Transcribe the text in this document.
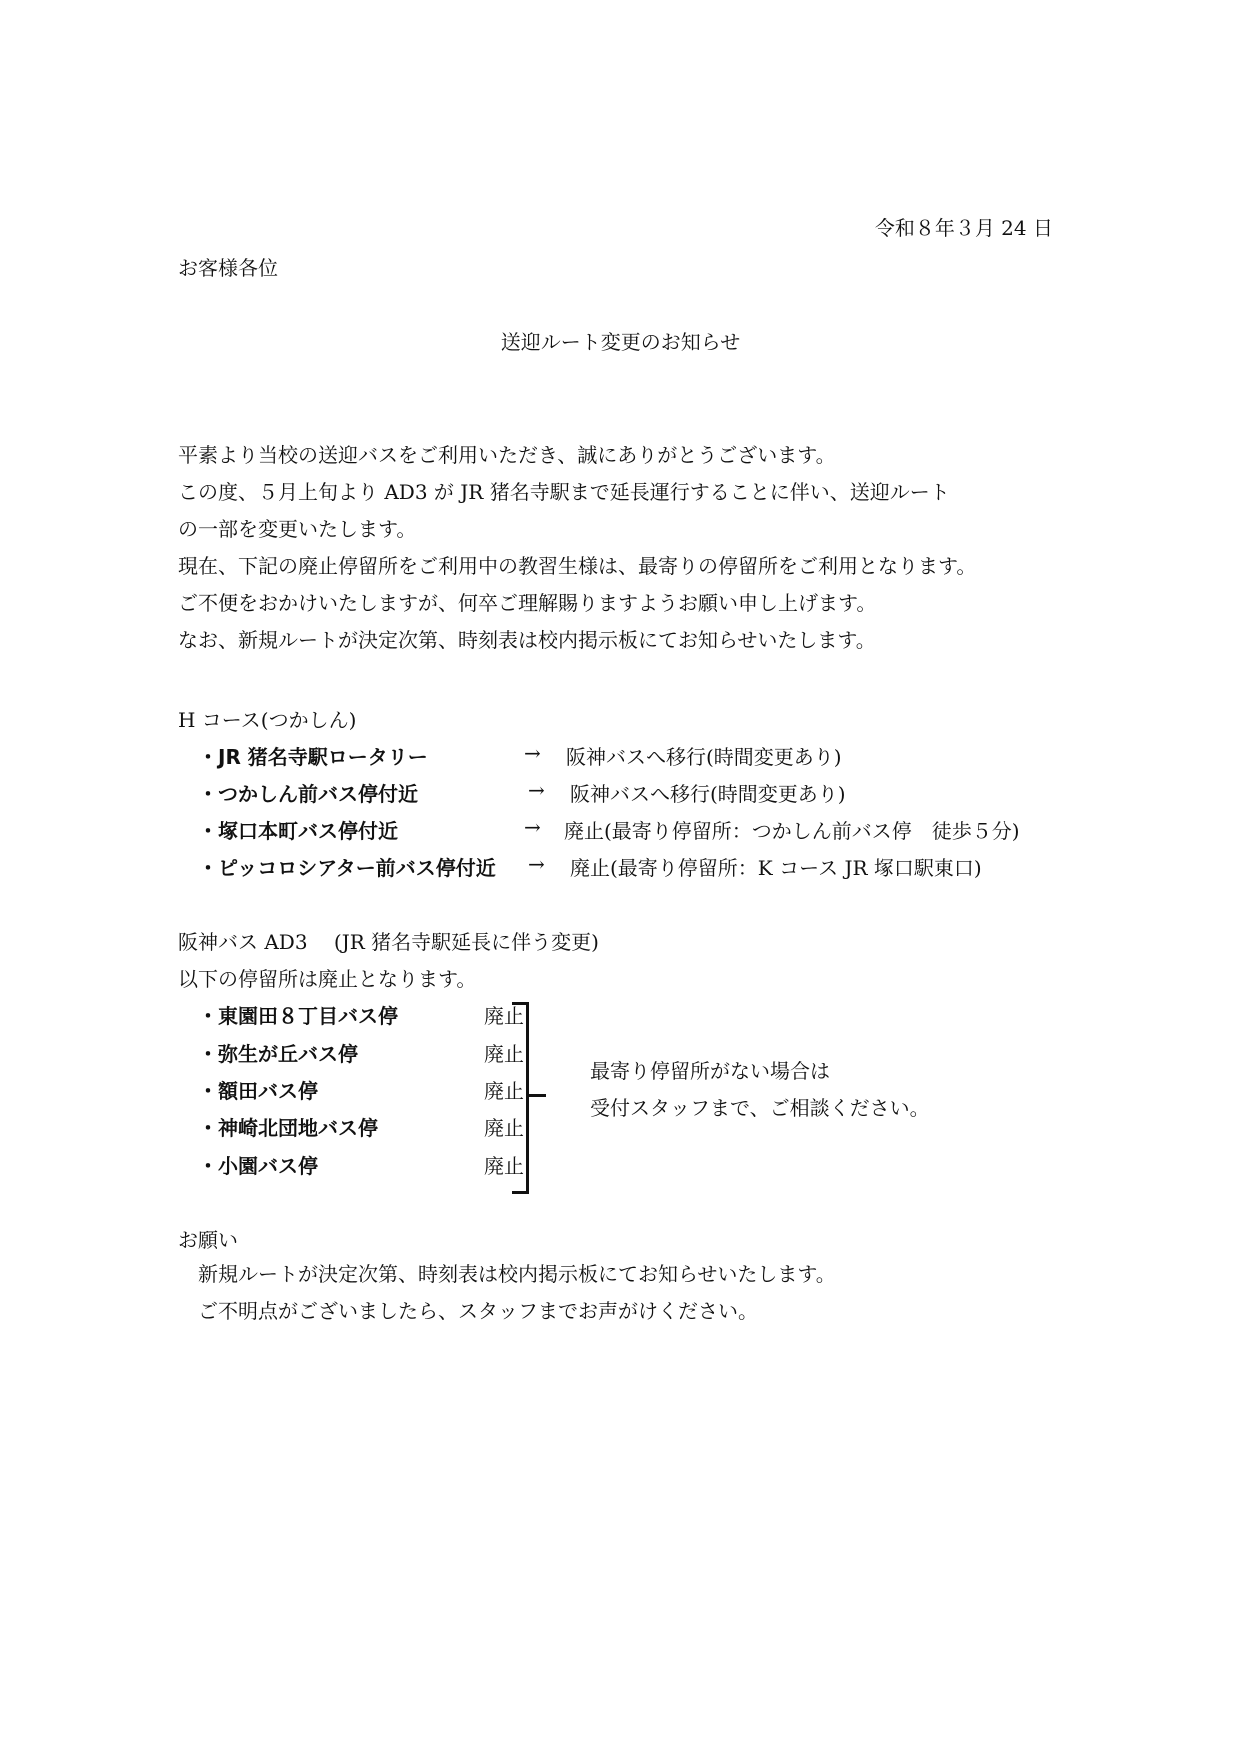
令和８年３月 24 日
お客様各位
送迎ルート変更のお知らせ
平素より当校の送迎バスをご利用いただき、誠にありがとうございます。
この度、５月上旬より AD3 が JR 猪名寺駅まで延長運行することに伴い、送迎ルート
の一部を変更いたします。
現在、下記の廃止停留所をご利用中の教習生様は、最寄りの停留所をご利用となります。
ご不便をおかけいたしますが、何卒ご理解賜りますようお願い申し上げます。
なお、新規ルートが決定次第、時刻表は校内掲示板にてお知らせいたします。
H コース(つかしん)
・JR 猪名寺駅ロータリー	→ 阪神バスへ移行(時間変更あり)
・つかしん前バス停付近	→ 阪神バスへ移行(時間変更あり)
・塚口本町バス停付近	→ 廃止(最寄り停留所：つかしん前バス停　徒歩５分)
・ピッコロシアター前バス停付近 → 廃止(最寄り停留所：K コース JR 塚口駅東口)
阪神バス AD3　 (JR 猪名寺駅延長に伴う変更)
以下の停留所は廃止となります。
・東園田８丁目バス停	廃止
・弥生が丘バス停	廃止
・額田バス停	廃止
・神崎北団地バス停	廃止
・小園バス停	廃止
最寄り停留所がない場合は
受付スタッフまで、ご相談ください。
お願い
新規ルートが決定次第、時刻表は校内掲示板にてお知らせいたします。
ご不明点がございましたら、スタッフまでお声がけください。
